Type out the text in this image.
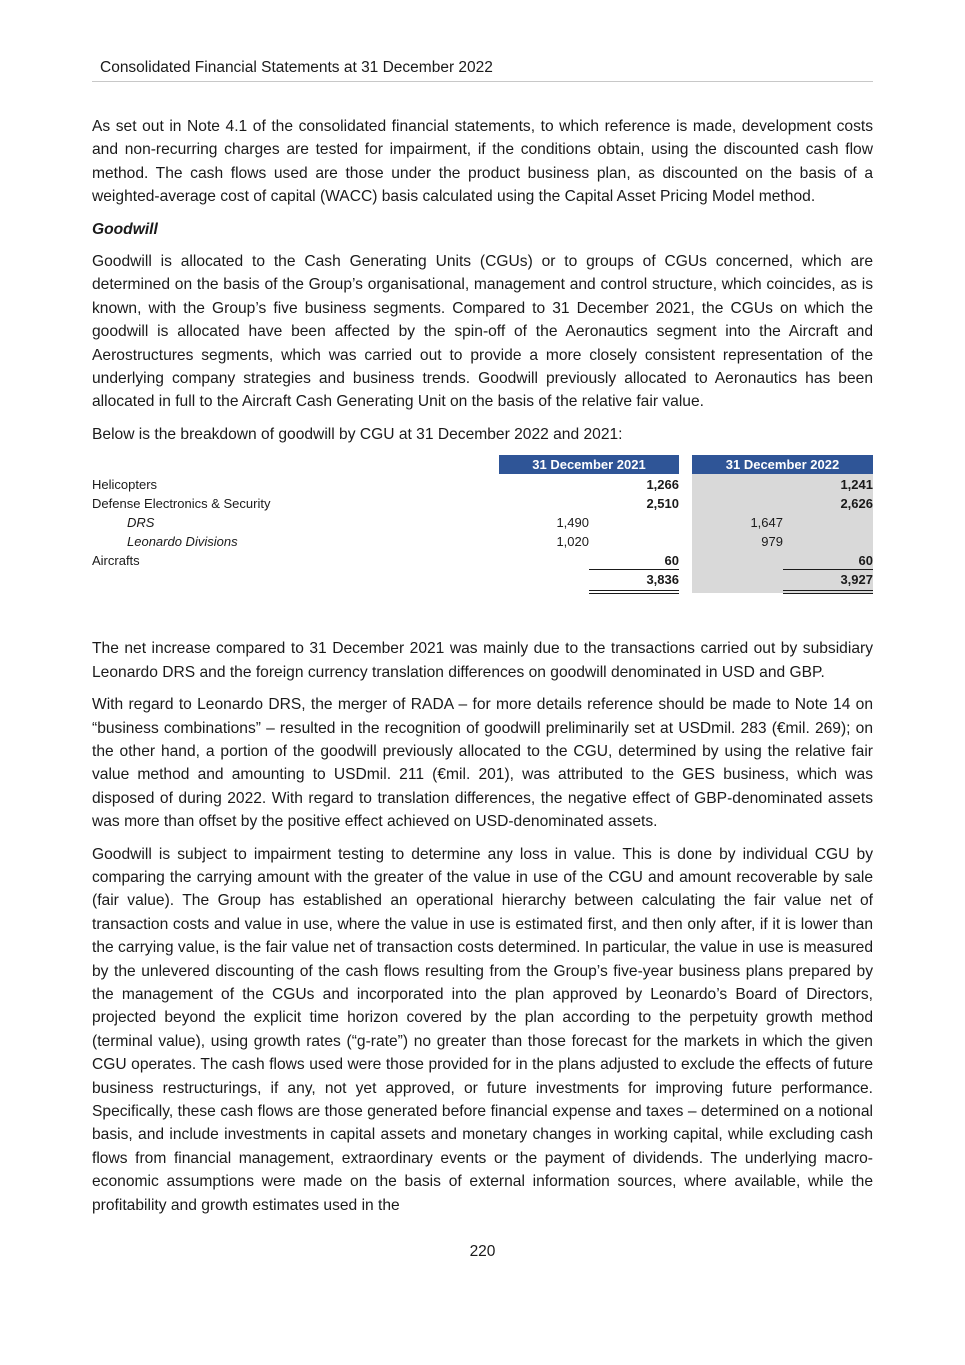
Consolidated Financial Statements at 31 December 2022

As set out in Note 4.1 of the consolidated financial statements, to which reference is made, development costs and non-recurring charges are tested for impairment, if the conditions obtain, using the discounted cash flow method. The cash flows used are those under the product business plan, as discounted on the basis of a weighted-average cost of capital (WACC) basis calculated using the Capital Asset Pricing Model method.

Goodwill

Goodwill is allocated to the Cash Generating Units (CGUs) or to groups of CGUs concerned, which are determined on the basis of the Group’s organisational, management and control structure, which coincides, as is known, with the Group’s five business segments. Compared to 31 December 2021, the CGUs on which the goodwill is allocated have been affected by the spin-off of the Aeronautics segment into the Aircraft and Aerostructures segments, which was carried out to provide a more closely consistent representation of the underlying company strategies and business trends. Goodwill previously allocated to Aeronautics has been allocated in full to the Aircraft Cash Generating Unit on the basis of the relative fair value.

Below is the breakdown of goodwill by CGU at 31 December 2022 and 2021:

31 December 2021	31 December 2022
Helicopters	1,266	1,241
Defense Electronics & Security	2,510	2,626
DRS	1,490	1,647
Leonardo Divisions	1,020	979
Aircrafts	60	60
3,836	3,927

The net increase compared to 31 December 2021 was mainly due to the transactions carried out by subsidiary Leonardo DRS and the foreign currency translation differences on goodwill denominated in USD and GBP.

With regard to Leonardo DRS, the merger of RADA – for more details reference should be made to Note 14 on “business combinations” – resulted in the recognition of goodwill preliminarily set at USDmil. 283 (€mil. 269); on the other hand, a portion of the goodwill previously allocated to the CGU, determined by using the relative fair value method and amounting to USDmil. 211 (€mil. 201), was attributed to the GES business, which was disposed of during 2022. With regard to translation differences, the negative effect of GBP-denominated assets was more than offset by the positive effect achieved on USD-denominated assets.

Goodwill is subject to impairment testing to determine any loss in value. This is done by individual CGU by comparing the carrying amount with the greater of the value in use of the CGU and amount recoverable by sale (fair value). The Group has established an operational hierarchy between calculating the fair value net of transaction costs and value in use, where the value in use is estimated first, and then only after, if it is lower than the carrying value, is the fair value net of transaction costs determined. In particular, the value in use is measured by the unlevered discounting of the cash flows resulting from the Group’s five-year business plans prepared by the management of the CGUs and incorporated into the plan approved by Leonardo’s Board of Directors, projected beyond the explicit time horizon covered by the plan according to the perpetuity growth method (terminal value), using growth rates (“g-rate”) no greater than those forecast for the markets in which the given CGU operates. The cash flows used were those provided for in the plans adjusted to exclude the effects of future business restructurings, if any, not yet approved, or future investments for improving future performance. Specifically, these cash flows are those generated before financial expense and taxes – determined on a notional basis, and include investments in capital assets and monetary changes in working capital, while excluding cash flows from financial management, extraordinary events or the payment of dividends. The underlying macro-economic assumptions were made on the basis of external information sources, where available, while the profitability and growth estimates used in the

220
